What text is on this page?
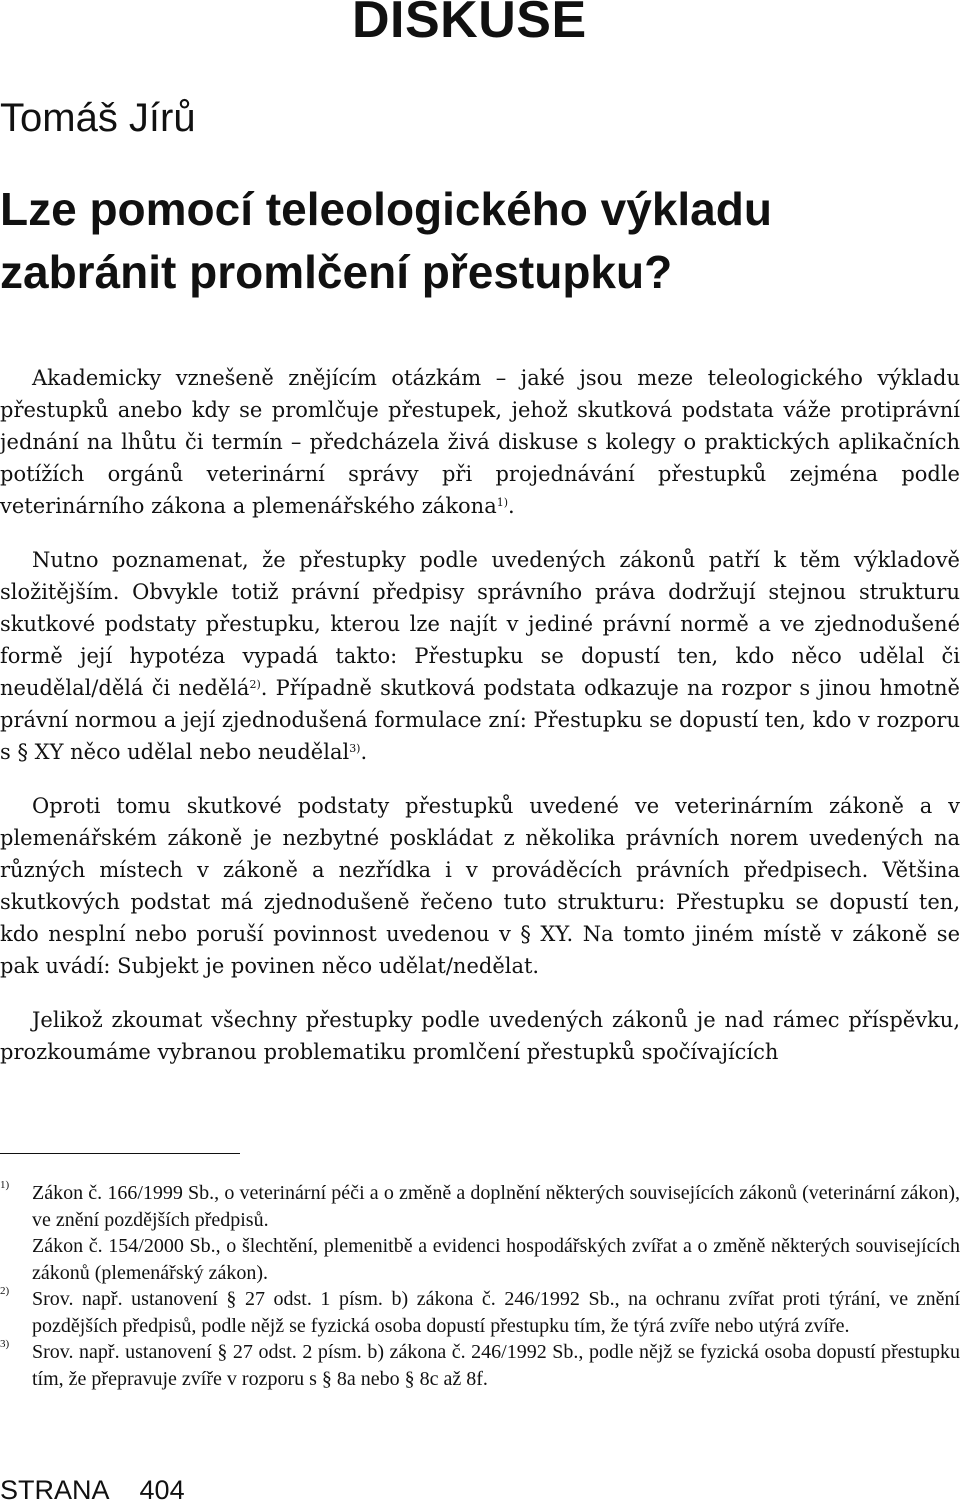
DISKUSE
Tomáš Jírů
Lze pomocí teleologického výkladu zabránit promlčení přestupku?

Akademicky vznešeně znějícím otázkám – jaké jsou meze teleologického výkladu přestupků anebo kdy se promlčuje přestupek, jehož skutková podstata váže protiprávní jednání na lhůtu či termín – předcházela živá diskuse s kolegy o praktických aplikačních potížích orgánů veterinární správy při projednávání přestupků zejména podle veterinárního zákona a plemenářského zákona$^{1)}$.

Nutno poznamenat, že přestupky podle uvedených zákonů patří k těm výkladově složitějším. Obvykle totiž právní předpisy správního práva dodržují stejnou strukturu skutkové podstaty přestupku, kterou lze najít v jediné právní normě a ve zjednodušené formě její hypotéza vypadá takto: Přestupku se dopustí ten, kdo něco udělal či neudělal/dělá či nedělá$^{2)}$. Případně skutková podstata odkazuje na rozpor s jinou hmotně právní normou a její zjednodušená formulace zní: Přestupku se dopustí ten, kdo v rozporu s § XY něco udělal nebo neudělal$^{3)}$.

Oproti tomu skutkové podstaty přestupků uvedené ve veterinárním zákoně a v plemenářském zákoně je nezbytné poskládat z několika právních norem uvedených na různých místech v zákoně a nezřídka i v prováděcích právních předpisech. Většina skutkových podstat má zjednodušeně řečeno tuto strukturu: Přestupku se dopustí ten, kdo nesplní nebo poruší povinnost uvedenou v § XY. Na tomto jiném místě v zákoně se pak uvádí: Subjekt je povinen něco udělat/nedělat.

Jelikož zkoumat všechny přestupky podle uvedených zákonů je nad rámec příspěvku, prozkoumáme vybranou problematiku promlčení přestupků spočívajících

1) Zákon č. 166/1999 Sb., o veterinární péči a o změně a doplnění některých souvisejících zákonů (veterinární zákon), ve znění pozdějších předpisů.
Zákon č. 154/2000 Sb., o šlechtění, plemenitbě a evidenci hospodářských zvířat a o změně některých souvisejících zákonů (plemenářský zákon).
2) Srov. např. ustanovení § 27 odst. 1 písm. b) zákona č. 246/1992 Sb., na ochranu zvířat proti týrání, ve znění pozdějších předpisů, podle nějž se fyzická osoba dopustí přestupku tím, že týrá zvíře nebo utýrá zvíře.
3) Srov. např. ustanovení § 27 odst. 2 písm. b) zákona č. 246/1992 Sb., podle nějž se fyzická osoba dopustí přestupku tím, že přepravuje zvíře v rozporu s § 8a nebo § 8c až 8f.
STRANA 404
